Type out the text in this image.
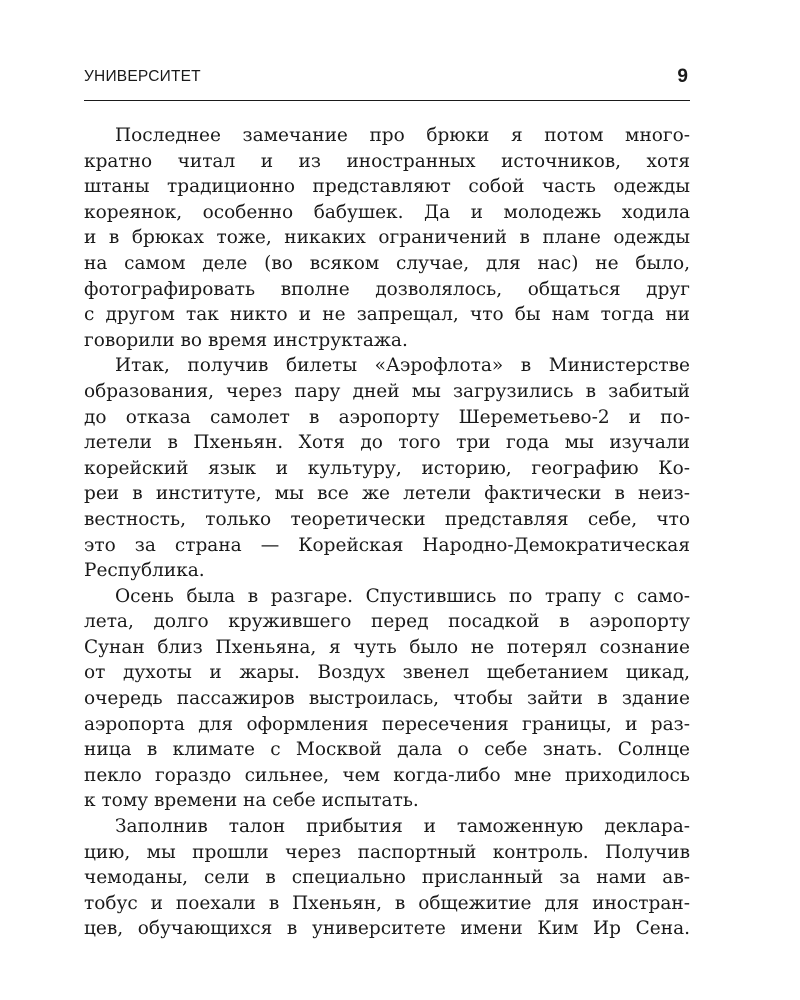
УНИВЕРСИТЕТ	9
Последнее замечание про брюки я потом много-
кратно читал и из иностранных источников, хотя
штаны традиционно представляют собой часть одежды
кореянок, особенно бабушек. Да и молодежь ходила
и в брюках тоже, никаких ограничений в плане одежды
на самом деле (во всяком случае, для нас) не было,
фотографировать вполне дозволялось, общаться друг
с другом так никто и не запрещал, что бы нам тогда ни
говорили во время инструктажа.
Итак, получив билеты «Аэрофлота» в Министерстве
образования, через пару дней мы загрузились в забитый
до отказа самолет в аэропорту Шереметьево-2 и по-
летели в Пхеньян. Хотя до того три года мы изучали
корейский язык и культуру, историю, географию Ко-
реи в институте, мы все же летели фактически в неиз-
вестность, только теоретически представляя себе, что
это за страна — Корейская Народно-Демократическая
Республика.
Осень была в разгаре. Спустившись по трапу с само-
лета, долго кружившего перед посадкой в аэропорту
Сунан близ Пхеньяна, я чуть было не потерял сознание
от духоты и жары. Воздух звенел щебетанием цикад,
очередь пассажиров выстроилась, чтобы зайти в здание
аэропорта для оформления пересечения границы, и раз-
ница в климате с Москвой дала о себе знать. Солнце
пекло гораздо сильнее, чем когда-либо мне приходилось
к тому времени на себе испытать.
Заполнив талон прибытия и таможенную деклара-
цию, мы прошли через паспортный контроль. Получив
чемоданы, сели в специально присланный за нами ав-
тобус и поехали в Пхеньян, в общежитие для иностран-
цев, обучающихся в университете имени Ким Ир Сена.
